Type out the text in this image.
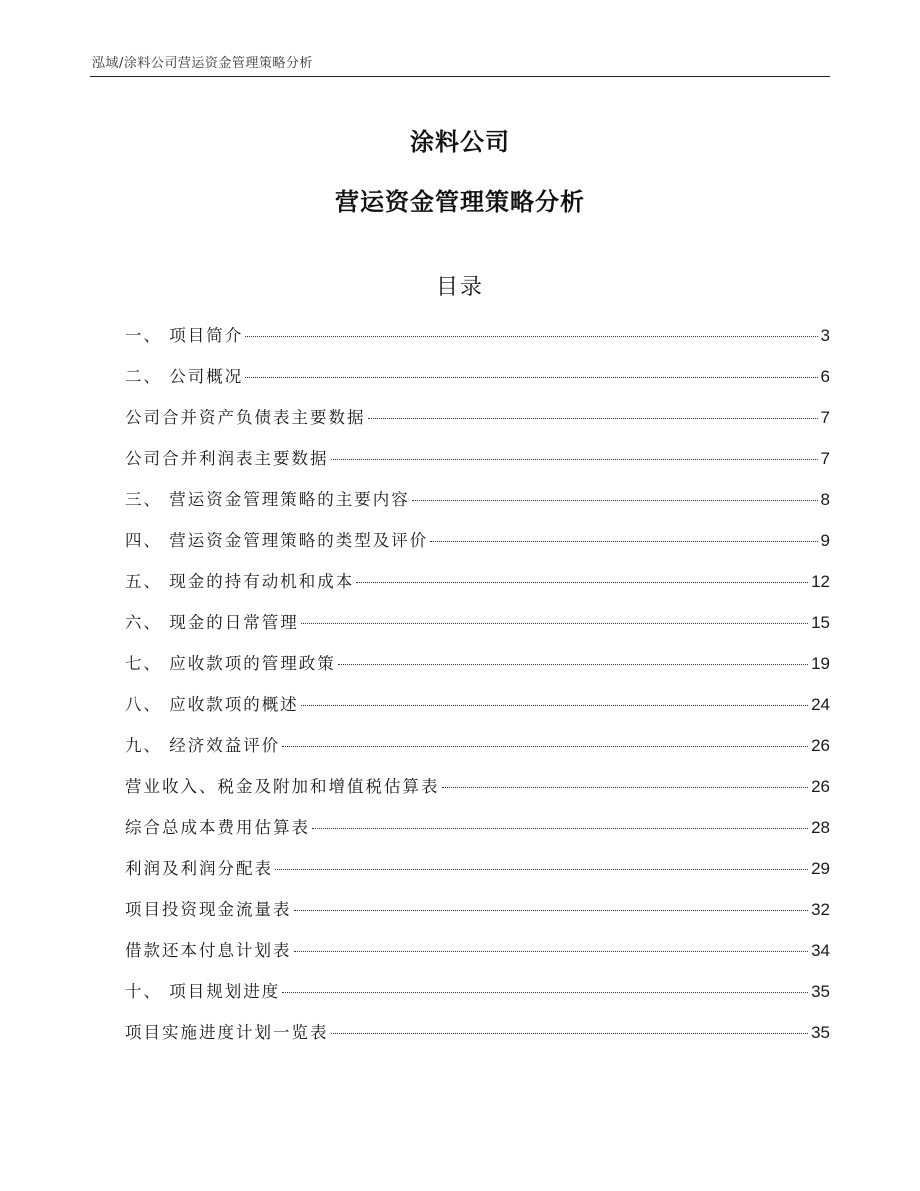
泓域/涂料公司营运资金管理策略分析
涂料公司
营运资金管理策略分析
目录
一、 项目简介	3
二、 公司概况	6
公司合并资产负债表主要数据	7
公司合并利润表主要数据	7
三、 营运资金管理策略的主要内容	8
四、 营运资金管理策略的类型及评价	9
五、 现金的持有动机和成本	12
六、 现金的日常管理	15
七、 应收款项的管理政策	19
八、 应收款项的概述	24
九、 经济效益评价	26
营业收入、税金及附加和增值税估算表	26
综合总成本费用估算表	28
利润及利润分配表	29
项目投资现金流量表	32
借款还本付息计划表	34
十、 项目规划进度	35
项目实施进度计划一览表	35
